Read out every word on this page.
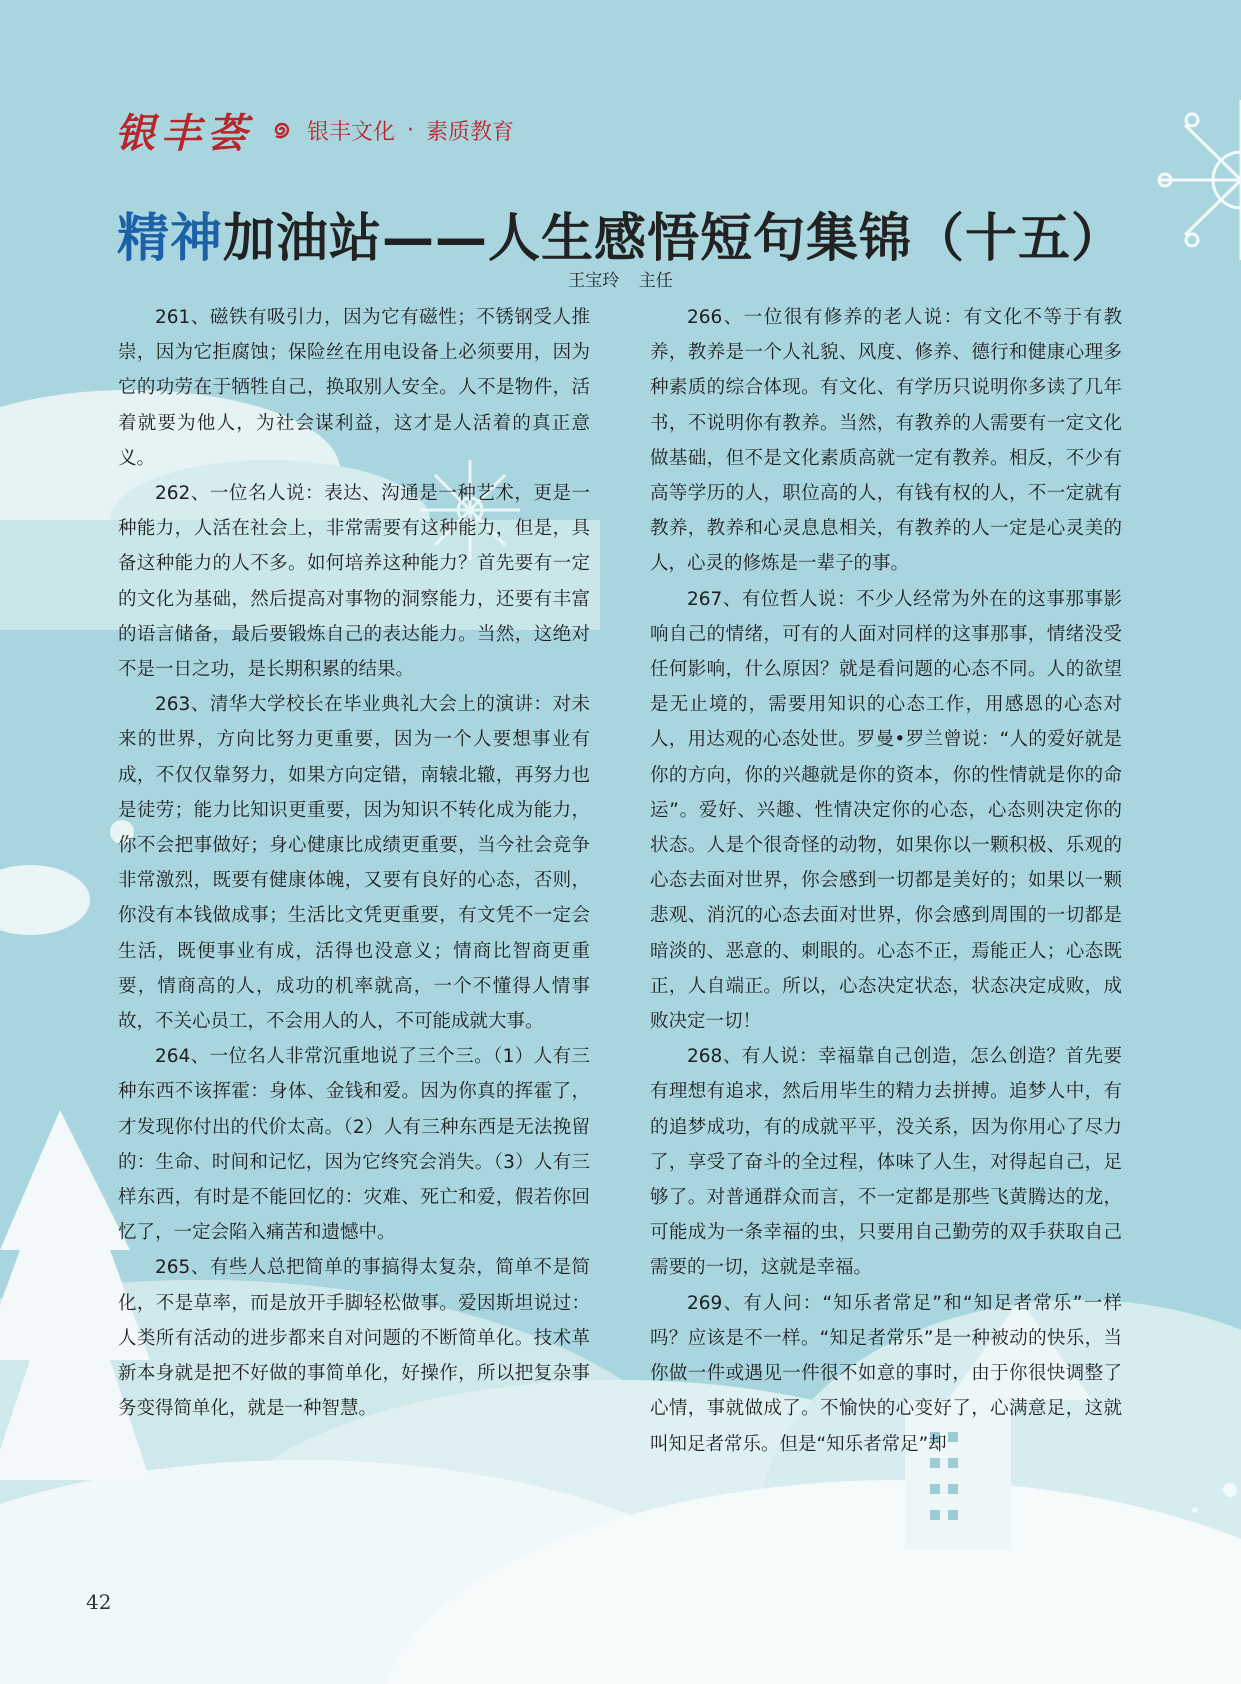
银丰荟 银丰文化 · 素质教育
精神加油站——人生感悟短句集锦（十五）
王宝玲 主任

261、磁铁有吸引力，因为它有磁性；不锈钢受人推崇，因为它拒腐蚀；保险丝在用电设备上必须要用，因为它的功劳在于牺牲自己，换取别人安全。人不是物件，活着就要为他人，为社会谋利益，这才是人活着的真正意义。

262、一位名人说：表达、沟通是一种艺术，更是一种能力，人活在社会上，非常需要有这种能力，但是，具备这种能力的人不多。如何培养这种能力？首先要有一定的文化为基础，然后提高对事物的洞察能力，还要有丰富的语言储备，最后要锻炼自己的表达能力。当然，这绝对不是一日之功，是长期积累的结果。

263、清华大学校长在毕业典礼大会上的演讲：对未来的世界，方向比努力更重要，因为一个人要想事业有成，不仅仅靠努力，如果方向定错，南辕北辙，再努力也是徒劳；能力比知识更重要，因为知识不转化成为能力，你不会把事做好；身心健康比成绩更重要，当今社会竞争非常激烈，既要有健康体魄，又要有良好的心态，否则，你没有本钱做成事；生活比文凭更重要，有文凭不一定会生活，既便事业有成，活得也没意义；情商比智商更重要，情商高的人，成功的机率就高，一个不懂得人情事故，不关心员工，不会用人的人，不可能成就大事。

264、一位名人非常沉重地说了三个三。（1）人有三种东西不该挥霍：身体、金钱和爱。因为你真的挥霍了，才发现你付出的代价太高。（2）人有三种东西是无法挽留的：生命、时间和记忆，因为它终究会消失。（3）人有三样东西，有时是不能回忆的：灾难、死亡和爱，假若你回忆了，一定会陷入痛苦和遗憾中。

265、有些人总把简单的事搞得太复杂，简单不是简化，不是草率，而是放开手脚轻松做事。爱因斯坦说过：人类所有活动的进步都来自对问题的不断简单化。技术革新本身就是把不好做的事简单化，好操作，所以把复杂事务变得简单化，就是一种智慧。

266、一位很有修养的老人说：有文化不等于有教养，教养是一个人礼貌、风度、修养、德行和健康心理多种素质的综合体现。有文化、有学历只说明你多读了几年书，不说明你有教养。当然，有教养的人需要有一定文化做基础，但不是文化素质高就一定有教养。相反，不少有高等学历的人，职位高的人，有钱有权的人，不一定就有教养，教养和心灵息息相关，有教养的人一定是心灵美的人，心灵的修炼是一辈子的事。

267、有位哲人说：不少人经常为外在的这事那事影响自己的情绪，可有的人面对同样的这事那事，情绪没受任何影响，什么原因？就是看问题的心态不同。人的欲望是无止境的，需要用知识的心态工作，用感恩的心态对人，用达观的心态处世。罗曼•罗兰曾说：“人的爱好就是你的方向，你的兴趣就是你的资本，你的性情就是你的命运”。爱好、兴趣、性情决定你的心态，心态则决定你的状态。人是个很奇怪的动物，如果你以一颗积极、乐观的心态去面对世界，你会感到一切都是美好的；如果以一颗悲观、消沉的心态去面对世界，你会感到周围的一切都是暗淡的、恶意的、刺眼的。心态不正，焉能正人；心态既正，人自端正。所以，心态决定状态，状态决定成败，成败决定一切！

268、有人说：幸福靠自己创造，怎么创造？首先要有理想有追求，然后用毕生的精力去拼搏。追梦人中，有的追梦成功，有的成就平平，没关系，因为你用心了尽力了，享受了奋斗的全过程，体味了人生，对得起自己，足够了。对普通群众而言，不一定都是那些飞黄腾达的龙，可能成为一条幸福的虫，只要用自己勤劳的双手获取自己需要的一切，这就是幸福。

269、有人问：“知乐者常足”和“知足者常乐”一样吗？应该是不一样。“知足者常乐”是一种被动的快乐，当你做一件或遇见一件很不如意的事时，由于你很快调整了心情，事就做成了。不愉快的心变好了，心满意足，这就叫知足者常乐。但是“知乐者常足”却

42
